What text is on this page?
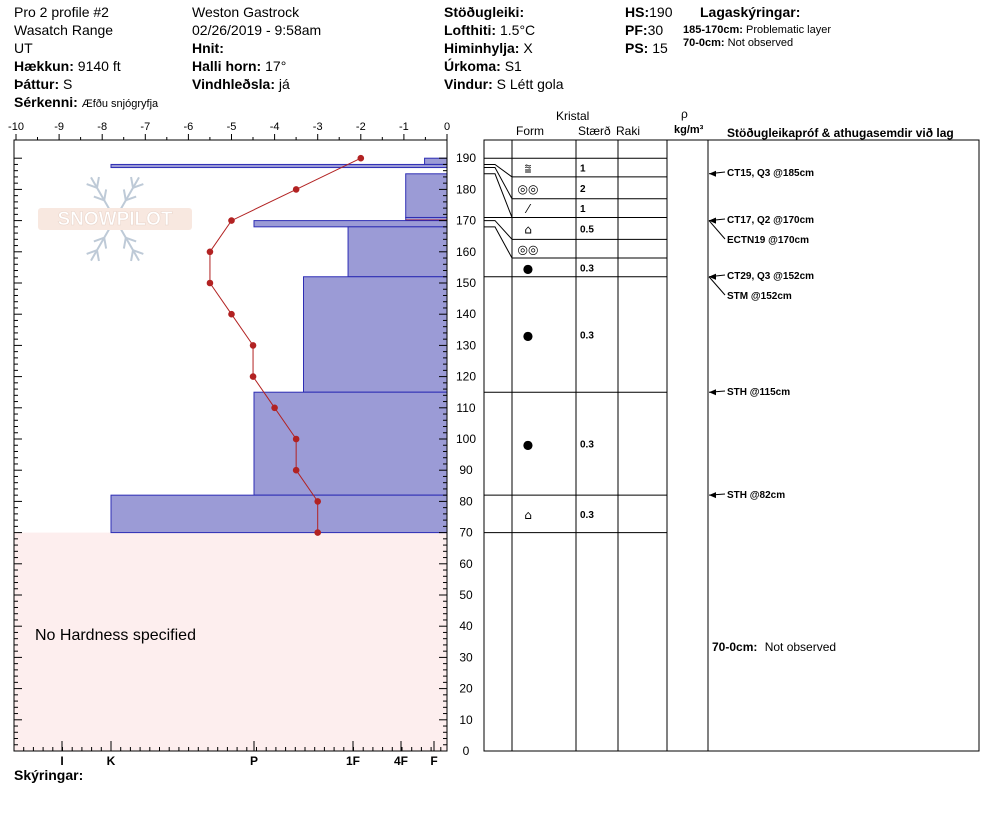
Pro 2 profile #2
Wasatch Range
UT
Hækkun: 9140 ft
Þáttur: S
Sérkenni: Æfðu snjógryfja
Weston Gastrock
02/26/2019 - 9:58am
Hnit:
Halli horn: 17°
Vindhleðsla: já
Stöðugleiki:
Lofthiti: 1.5°C
Himinhylja: X
Úrkoma: S1
Vindur: S Létt gola
HS:190
PF:30
PS: 15
Lagaskýringar:
185-170cm: Problematic layer
70-0cm: Not observed
Kristal
Form	Stærð Raki
ρ
kg/m³ Stöðugleikapróf & athugasemdir við lag
SNOWPILOT
-10	-9	-8	-7	-6	-5	-4	-3	-2	-1	0
0
10
20
30
40
50
60
70
80
90
100
110
120
130
140
150
160
170
180
190
I	K	P	1F	4F F
No Hardness specified
⩰	1
◎◎	2
⁄	1
⌂	0.5
◎◎
●	0.3
●	0.3
●	0.3
⌂	0.3
CT15, Q3 @185cm
CT17, Q2 @170cm
ECTN19 @170cm
CT29, Q3 @152cm
STM @152cm
STH @115cm
STH @82cm
70-0cm: Not observed
Skýringar:
